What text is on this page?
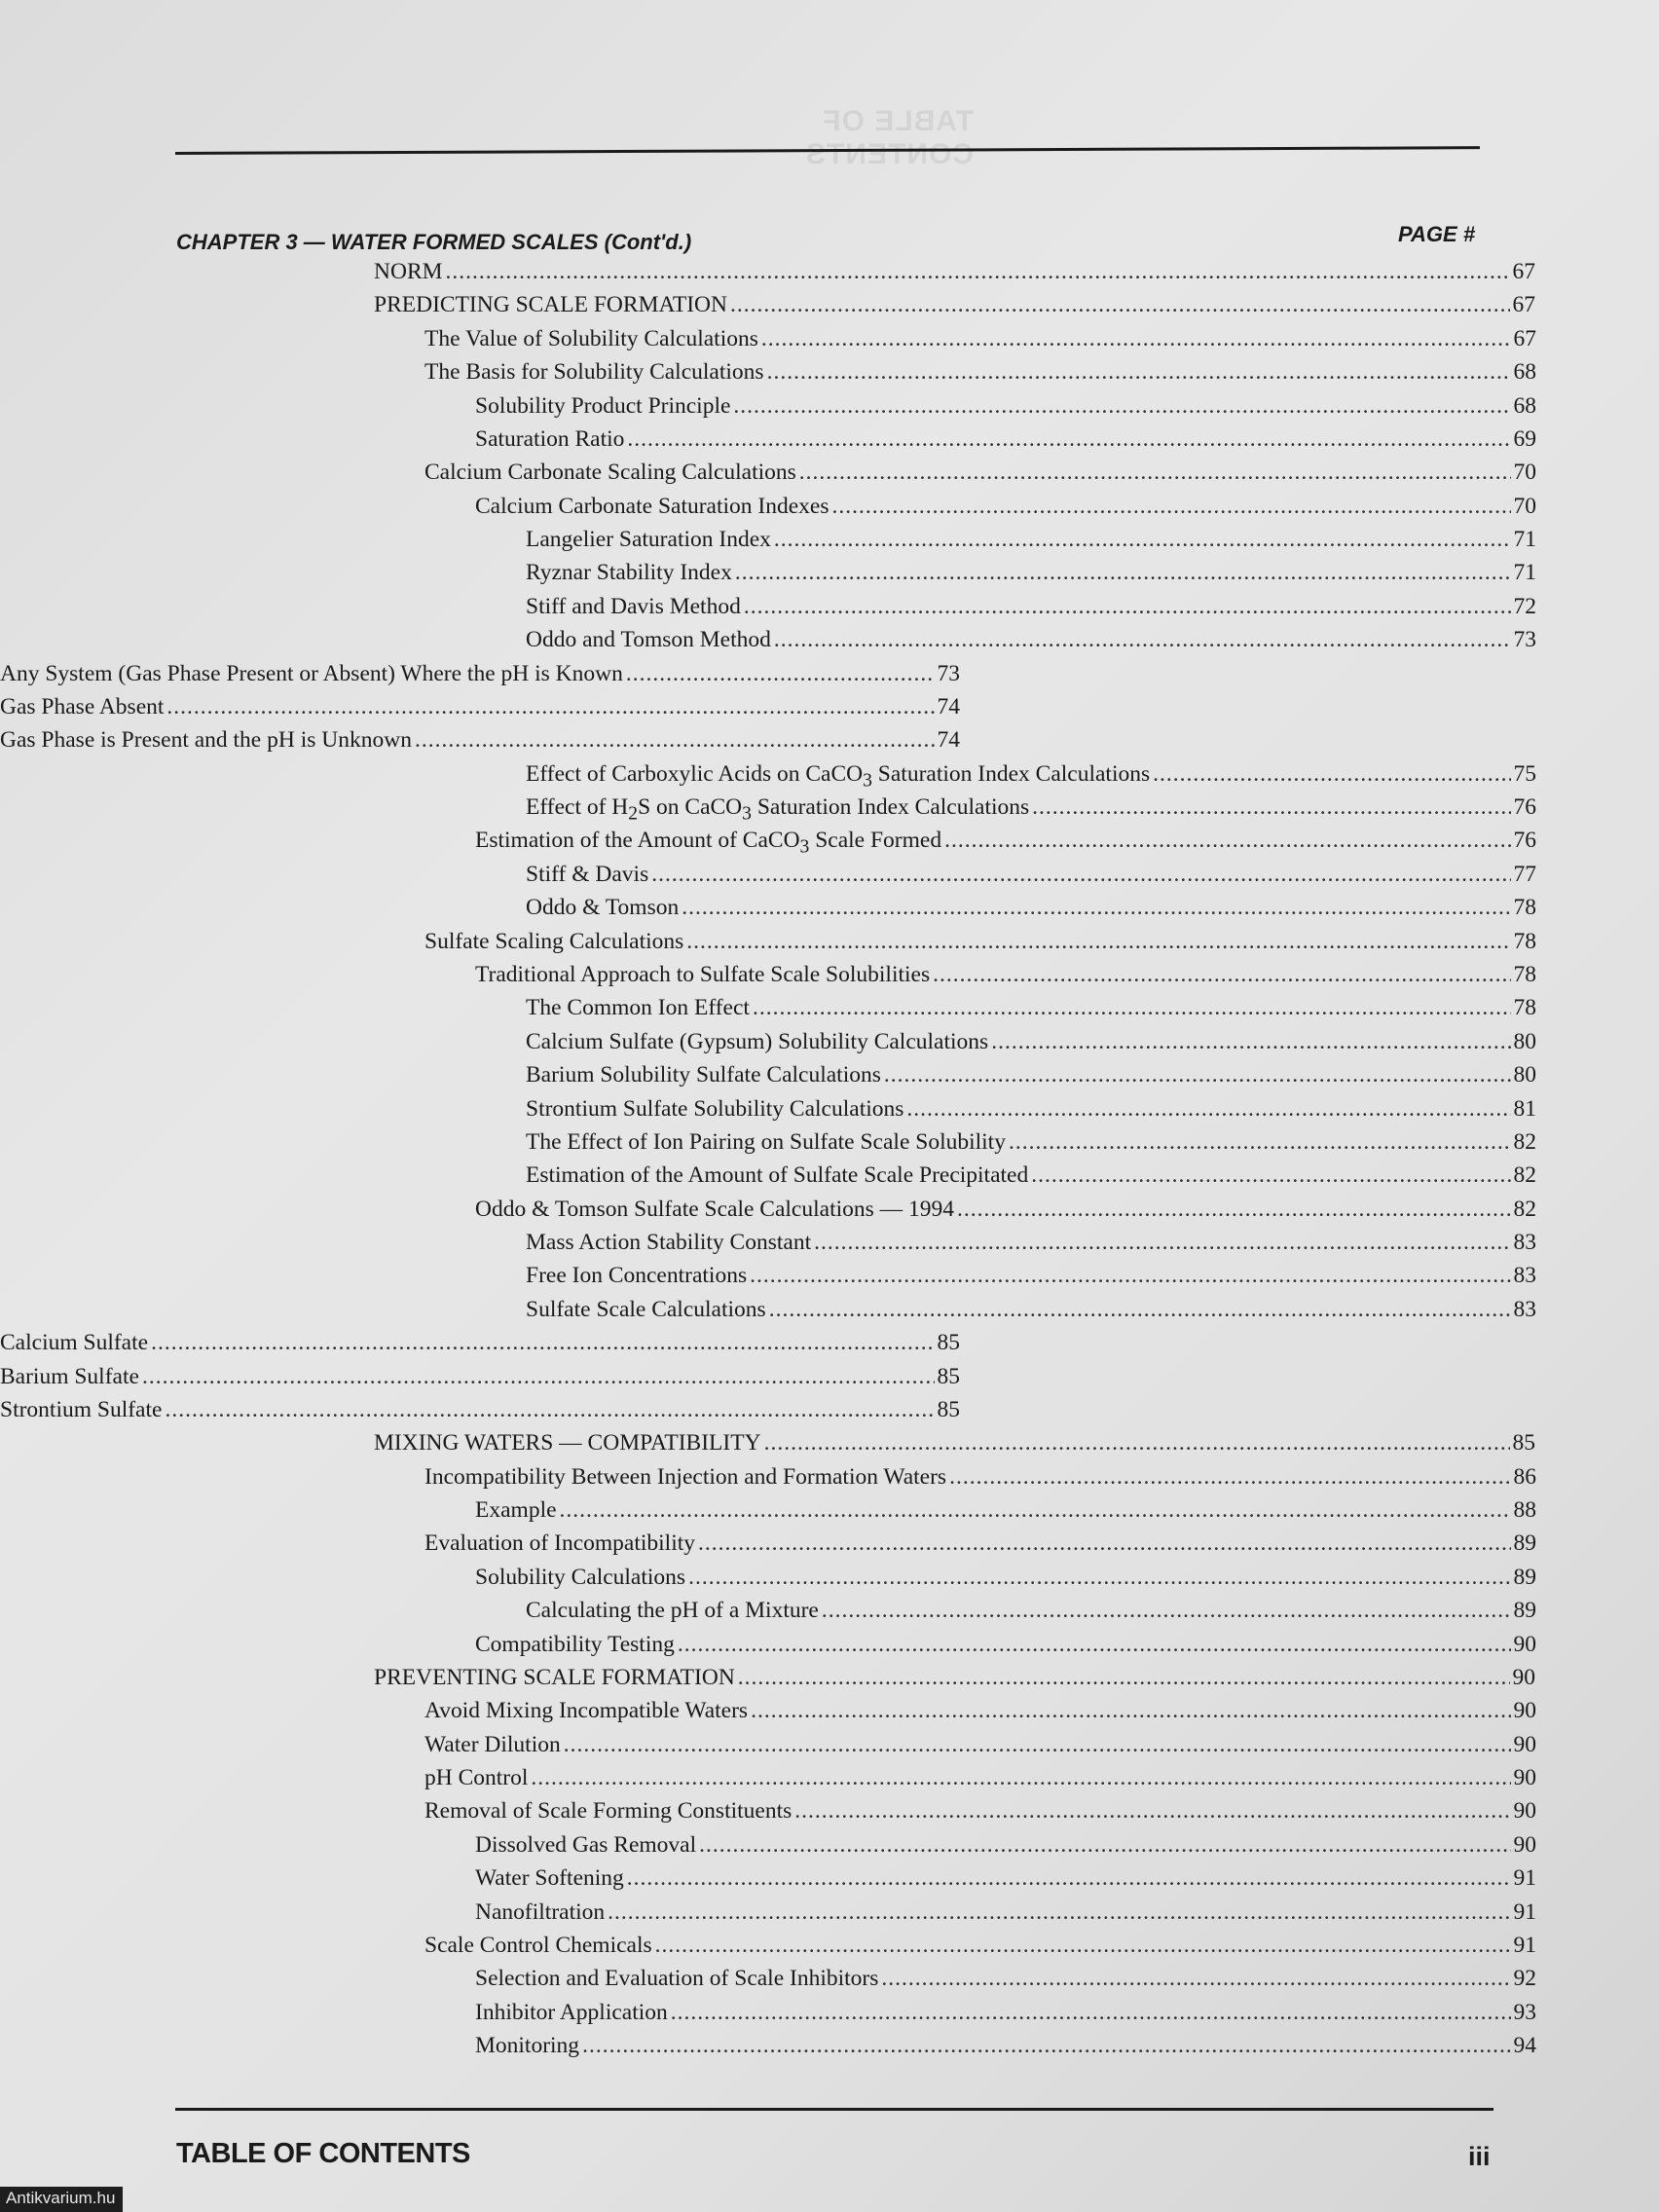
TABLE OF CONTENTS
CHAPTER 3 — WATER FORMED SCALES (Cont'd.)	PAGE #
NORM .....	67
PREDICTING SCALE FORMATION .....	67
The Value of Solubility Calculations .....	67
The Basis for Solubility Calculations .....	68
Solubility Product Principle .....	68
Saturation Ratio .....	69
Calcium Carbonate Scaling Calculations .....	70
Calcium Carbonate Saturation Indexes .....	70
Langelier Saturation Index .....	71
Ryznar Stability Index .....	71
Stiff and Davis Method .....	72
Oddo and Tomson Method .....	73
Any System (Gas Phase Present or Absent) Where the pH is Known .....	73
Gas Phase Absent .....	74
Gas Phase is Present and the pH is Unknown .....	74
Effect of Carboxylic Acids on CaCO$_3$ Saturation Index Calculations .....	75
Effect of $H_2S$ on CaCO$_3$ Saturation Index Calculations .....	76
Estimation of the Amount of CaCO$_3$ Scale Formed .....	76
Stiff & Davis .....	77
Oddo & Tomson .....	78
Sulfate Scaling Calculations .....	78
Traditional Approach to Sulfate Scale Solubilities .....	78
The Common Ion Effect .....	78
Calcium Sulfate (Gypsum) Solubility Calculations .....	80
Barium Solubility Sulfate Calculations .....	80
Strontium Sulfate Solubility Calculations .....	81
The Effect of Ion Pairing on Sulfate Scale Solubility .....	82
Estimation of the Amount of Sulfate Scale Precipitated .....	82
Oddo & Tomson Sulfate Scale Calculations — 1994 .....	82
Mass Action Stability Constant .....	83
Free Ion Concentrations .....	83
Sulfate Scale Calculations .....	83
Calcium Sulfate .....	85
Barium Sulfate .....	85
Strontium Sulfate .....	85
MIXING WATERS — COMPATIBILITY .....	85
Incompatibility Between Injection and Formation Waters .....	86
Example .....	88
Evaluation of Incompatibility .....	89
Solubility Calculations .....	89
Calculating the pH of a Mixture .....	89
Compatibility Testing .....	90
PREVENTING SCALE FORMATION .....	90
Avoid Mixing Incompatible Waters .....	90
Water Dilution .....	90
pH Control .....	90
Removal of Scale Forming Constituents .....	90
Dissolved Gas Removal .....	90
Water Softening .....	91
Nanofiltration .....	91
Scale Control Chemicals .....	91
Selection and Evaluation of Scale Inhibitors .....	92
Inhibitor Application .....	93
Monitoring .....	94
TABLE OF CONTENTS	iii
Antikvarium.hu
